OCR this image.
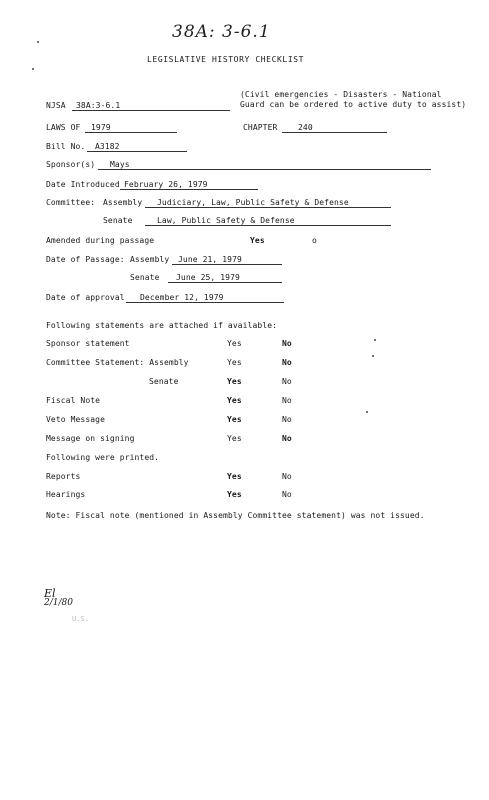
38A: 3-6.1
LEGISLATIVE HISTORY CHECKLIST
NJSA	38A:3-6.1
(Civil emergencies - Disasters - National
Guard can be ordered to active duty to assist)
LAWS OF	1979	CHAPTER	240
Bill No.	A3182
Sponsor(s)	Mays
Date Introduced February 26, 1979
Committee: Assembly	Judiciary, Law, Public Safety & Defense
Senate	Law, Public Safety & Defense
Amended during passage	Yes	o
Date of Passage: Assembly	June 21, 1979
Senate	June 25, 1979
Date of approval	December 12, 1979
Following statements are attached if available:
Sponsor statement	Yes	No
Committee Statement: Assembly	Yes	No
Senate	Yes	No
Fiscal Note	Yes	No
Veto Message	Yes	No
Message on signing	Yes	No
Following were printed.
Reports	Yes	No
Hearings	Yes	No
Note: Fiscal note (mentioned in Assembly Committee statement) was not issued.
El
2/1/80
U.S.
